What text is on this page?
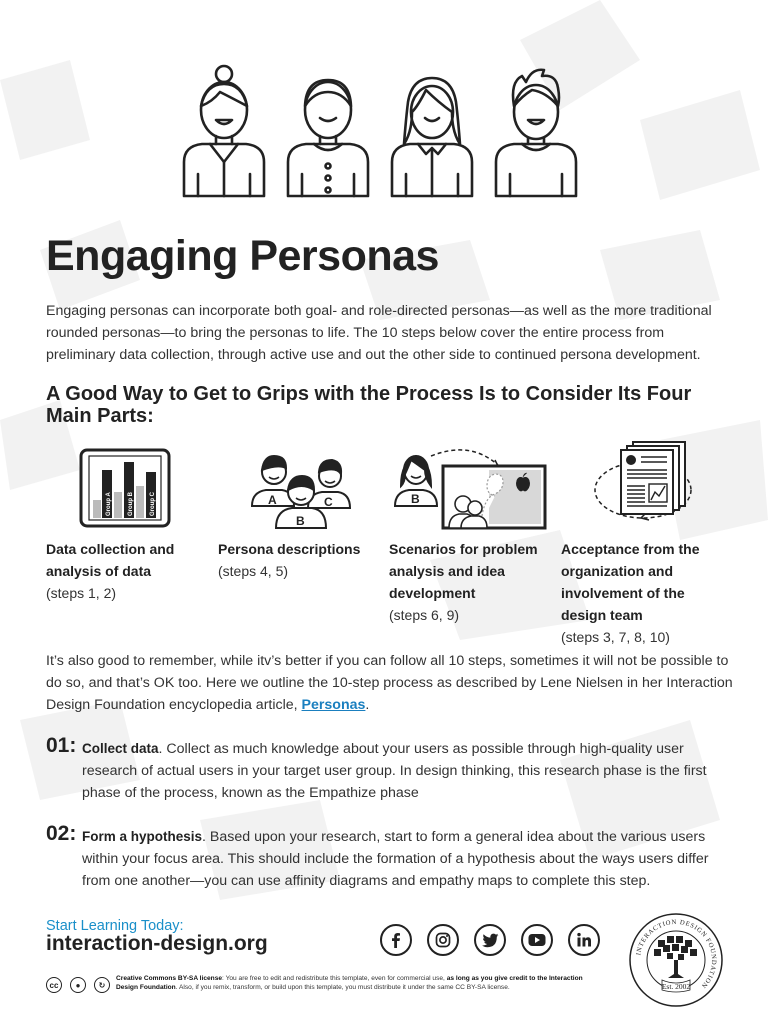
Engaging Personas

Engaging personas can incorporate both goal- and role-directed personas—as well as the more traditional rounded personas—to bring the personas to life. The 10 steps below cover the entire process from preliminary data collection, through active use and out the other side to continued persona development.

A Good Way to Get to Grips with the Process Is to Consider Its Four Main Parts:
Group A	Group B	Group C
Data collection and analysis of data
(steps 1, 2)
A
B
C
Persona descriptions
(steps 4, 5)
B
Scenarios for problem analysis and idea development
(steps 6, 9)
Acceptance from the organization and involvement of the design team
(steps 3, 7, 8, 10)

It’s also good to remember, while itv’s better if you can follow all 10 steps, sometimes it will not be possible to do so, and that’s OK too. Here we outline the 10-step process as described by Lene Nielsen in her Interaction Design Foundation encyclopedia article, Personas.

01: Collect data. Collect as much knowledge about your users as possible through high-quality user research of actual users in your target user group. In design thinking, this research phase is the first phase of the process, known as the Empathize phase
02: Form a hypothesis. Based upon your research, start to form a general idea about the various users within your focus area. This should include the formation of a hypothesis about the ways users differ from one another—you can use affinity diagrams and empathy maps to complete this step.
Start Learning Today:
interaction-design.org	INTERACTION DESIGN FOUNDATION
Est. 2002
cc	●	↻
Creative Commons BY-SA license: You are free to edit and redistribute this template, even for commercial use, as long as you give credit to the Interaction Design Foundation. Also, if you remix, transform, or build upon this template, you must distribute it under the same CC BY-SA license.
